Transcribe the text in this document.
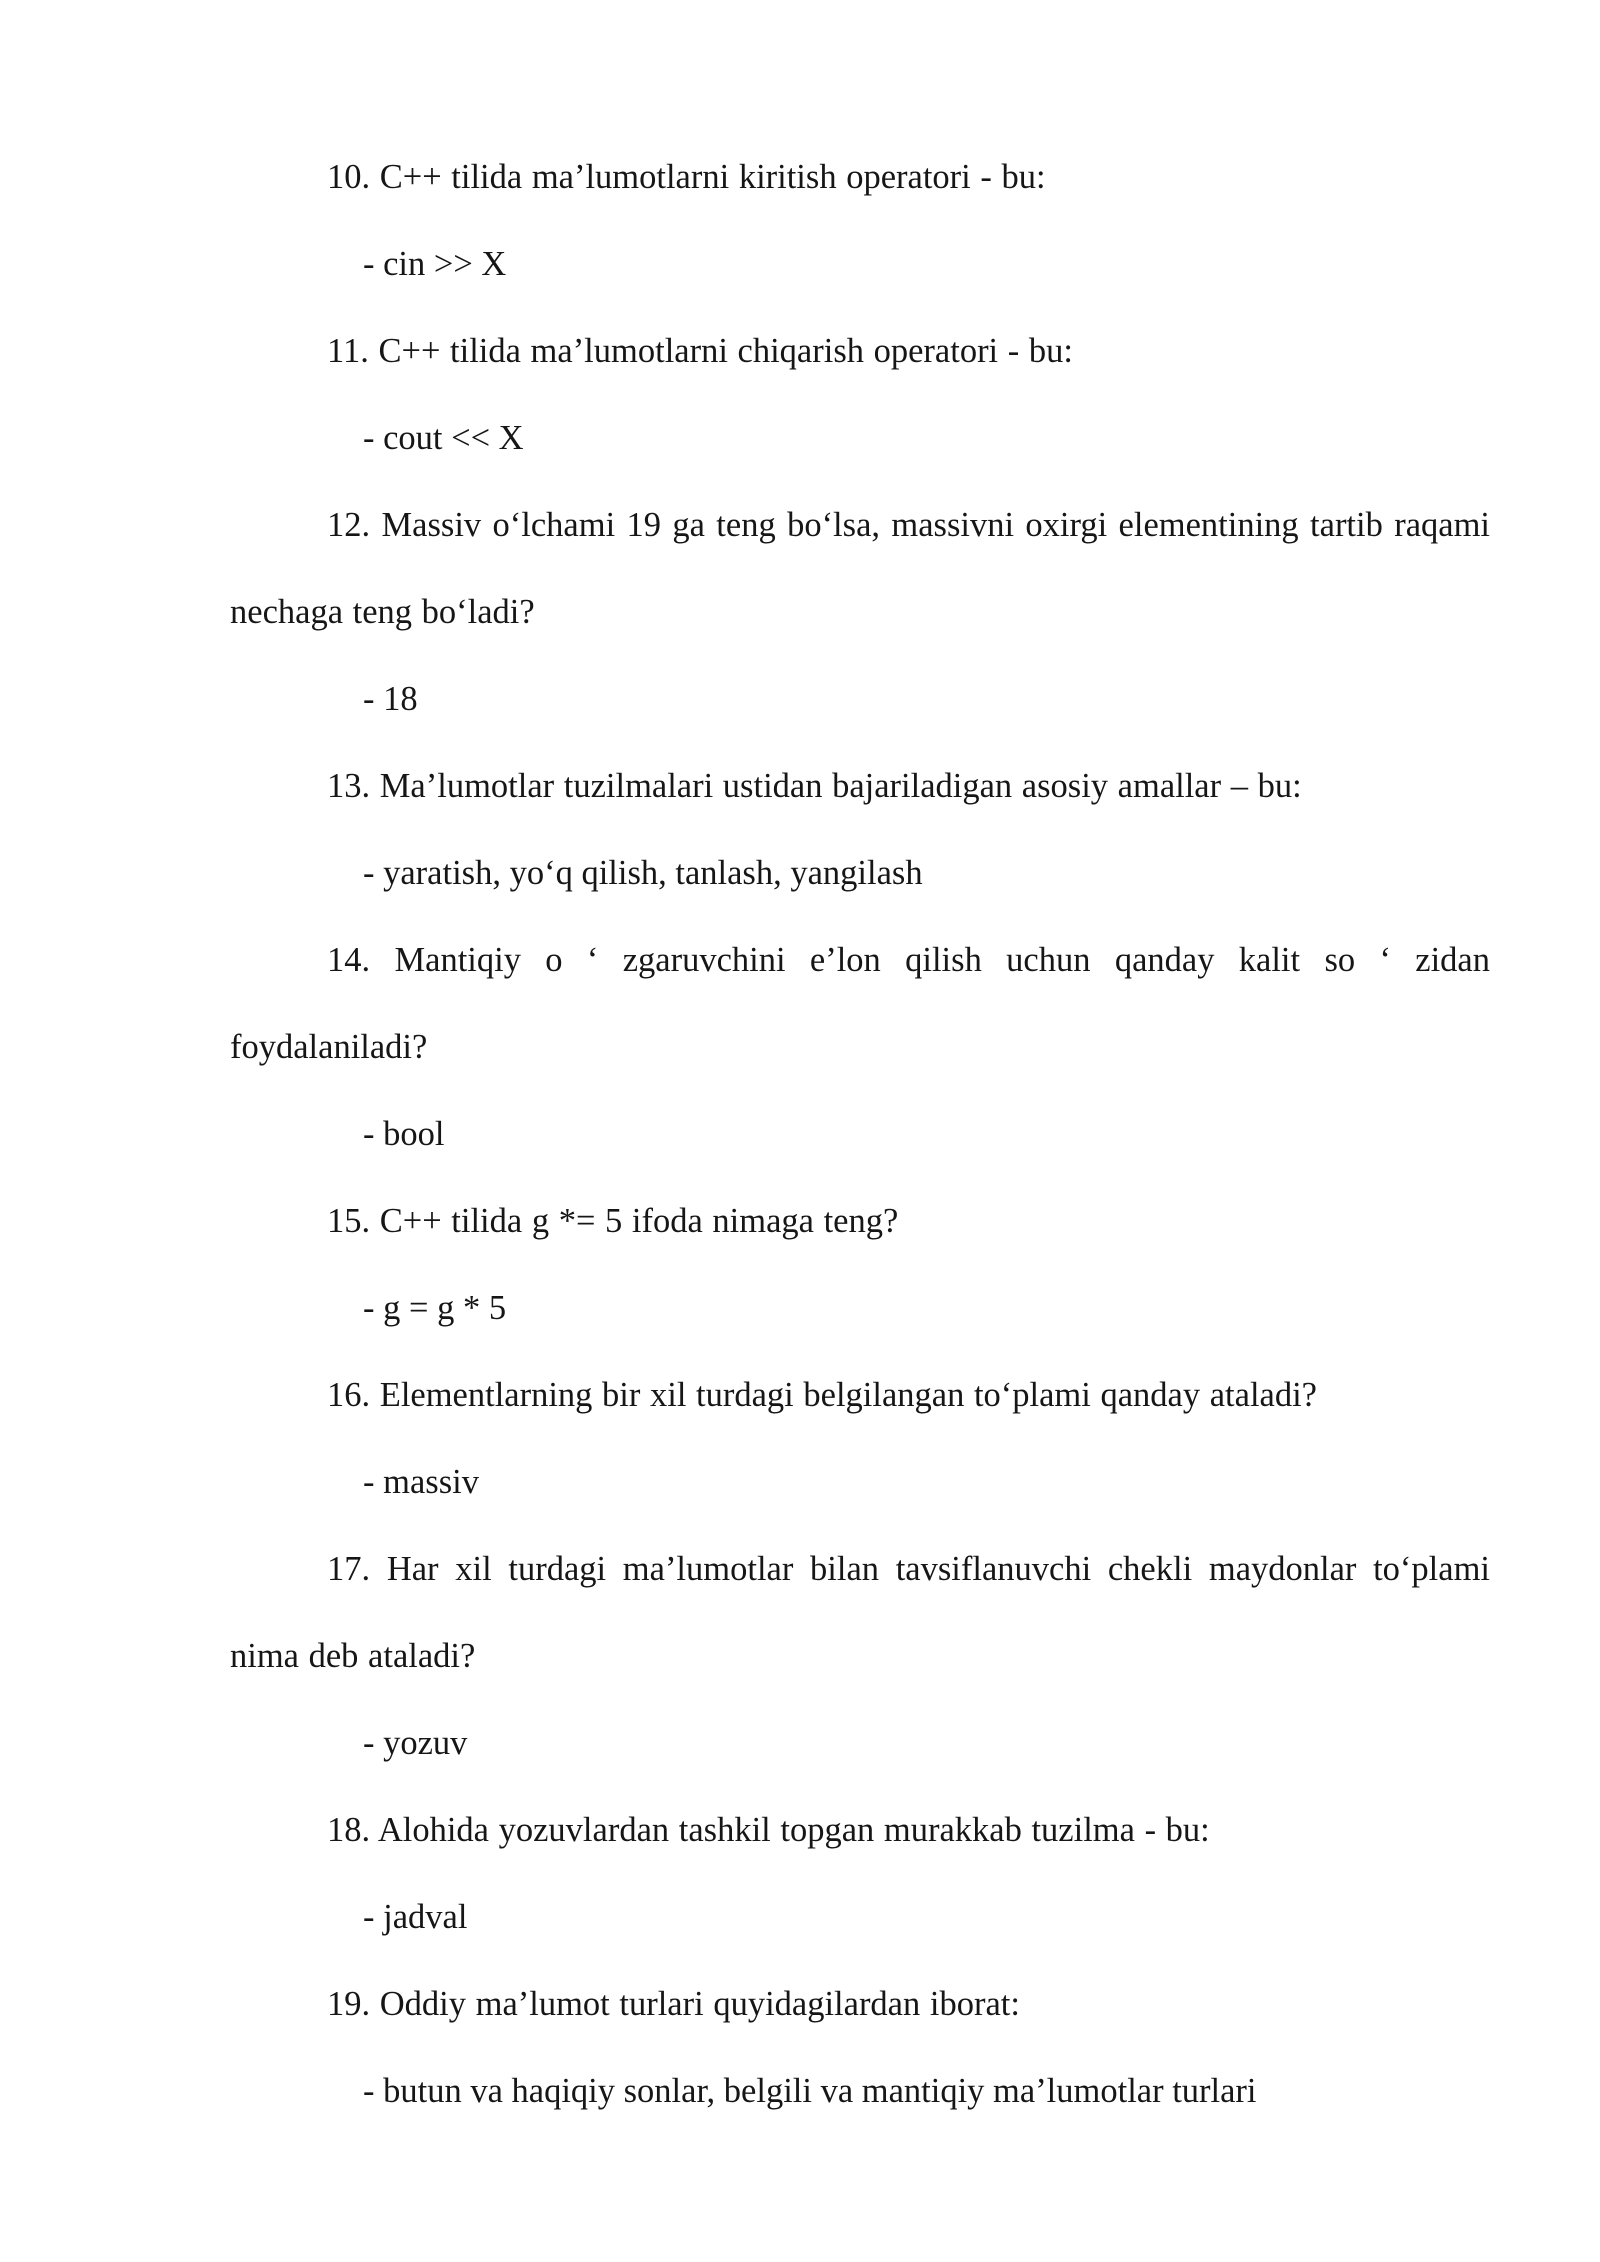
10. C++ tilida ma’lumotlarni kiritish operatori - bu:

- cin >> X

11. C++ tilida ma’lumotlarni chiqarish operatori - bu:

- cout << X

12. Massiv o‘lchami 19 ga teng bo‘lsa, massivni oxirgi elementining tartib raqami nechaga teng bo‘ladi?

- 18

13. Ma’lumotlar tuzilmalari ustidan bajariladigan asosiy amallar – bu:

- yaratish, yo‘q qilish, tanlash, yangilash

14. Mantiqiy o ‘ zgaruvchini e’lon qilish uchun qanday kalit so ‘ zidan foydalaniladi?

- bool

15. C++ tilida g *= 5 ifoda nimaga teng?

- g = g * 5

16. Elementlarning bir xil turdagi belgilangan to‘plami qanday ataladi?

- massiv

17. Har xil turdagi ma’lumotlar bilan tavsiflanuvchi chekli maydonlar to‘plami nima deb ataladi?

- yozuv

18. Alohida yozuvlardan tashkil topgan murakkab tuzilma - bu:

- jadval

19. Oddiy ma’lumot turlari quyidagilardan iborat:

- butun va haqiqiy sonlar, belgili va mantiqiy ma’lumotlar turlari
